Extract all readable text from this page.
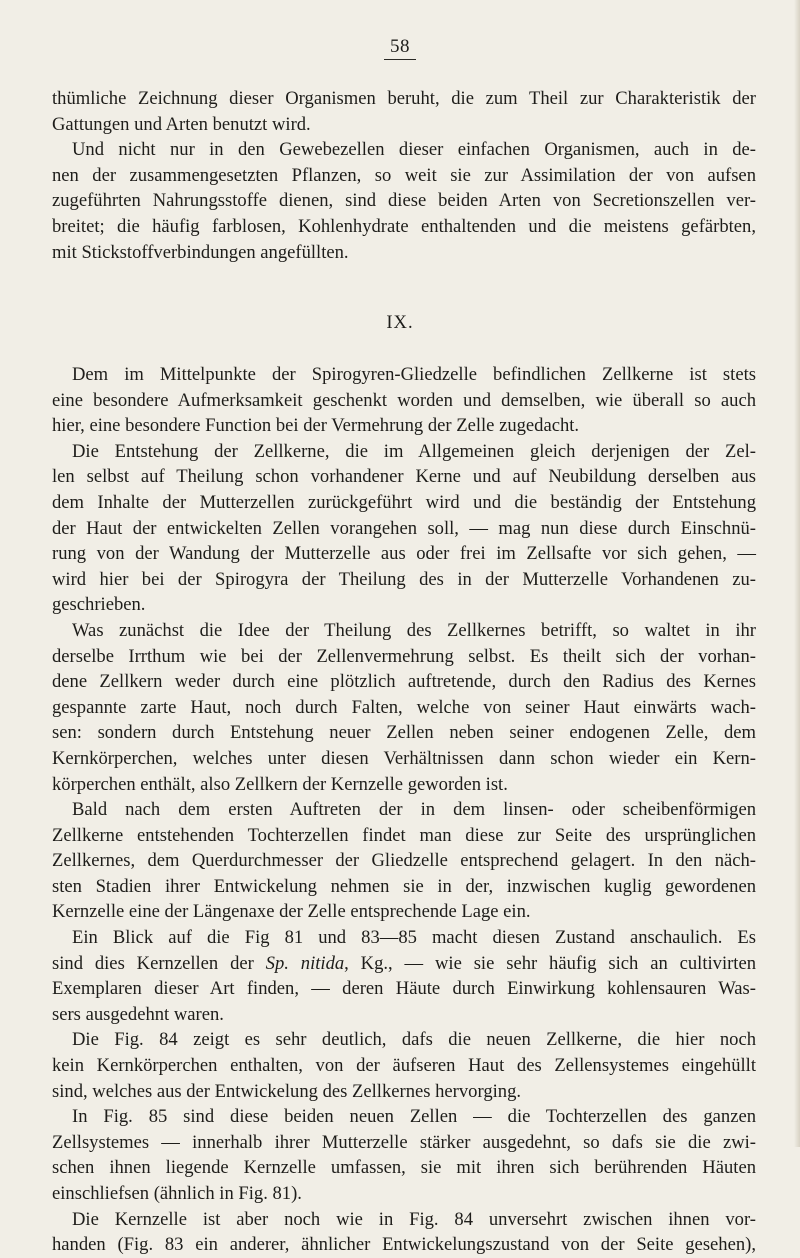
58
thümliche Zeichnung dieser Organismen beruht, die zum Theil zur Charakteristik der
Gattungen und Arten benutzt wird.
Und nicht nur in den Gewebezellen dieser einfachen Organismen, auch in de-
nen der zusammengesetzten Pflanzen, so weit sie zur Assimilation der von aufsen
zugeführten Nahrungsstoffe dienen, sind diese beiden Arten von Secretionszellen ver-
breitet; die häufig farblosen, Kohlenhydrate enthaltenden und die meistens gefärbten,
mit Stickstoffverbindungen angefüllten.
IX.
Dem im Mittelpunkte der Spirogyren-Gliedzelle befindlichen Zellkerne ist stets
eine besondere Aufmerksamkeit geschenkt worden und demselben, wie überall so auch
hier, eine besondere Function bei der Vermehrung der Zelle zugedacht.
Die Entstehung der Zellkerne, die im Allgemeinen gleich derjenigen der Zel-
len selbst auf Theilung schon vorhandener Kerne und auf Neubildung derselben aus
dem Inhalte der Mutterzellen zurückgeführt wird und die beständig der Entstehung
der Haut der entwickelten Zellen vorangehen soll, — mag nun diese durch Einschnü-
rung von der Wandung der Mutterzelle aus oder frei im Zellsafte vor sich gehen, —
wird hier bei der Spirogyra der Theilung des in der Mutterzelle Vorhandenen zu-
geschrieben.
Was zunächst die Idee der Theilung des Zellkernes betrifft, so waltet in ihr
derselbe Irrthum wie bei der Zellenvermehrung selbst. Es theilt sich der vorhan-
dene Zellkern weder durch eine plötzlich auftretende, durch den Radius des Kernes
gespannte zarte Haut, noch durch Falten, welche von seiner Haut einwärts wach-
sen: sondern durch Entstehung neuer Zellen neben seiner endogenen Zelle, dem
Kernkörperchen, welches unter diesen Verhältnissen dann schon wieder ein Kern-
körperchen enthält, also Zellkern der Kernzelle geworden ist.
Bald nach dem ersten Auftreten der in dem linsen- oder scheibenförmigen
Zellkerne entstehenden Tochterzellen findet man diese zur Seite des ursprünglichen
Zellkernes, dem Querdurchmesser der Gliedzelle entsprechend gelagert. In den näch-
sten Stadien ihrer Entwickelung nehmen sie in der, inzwischen kuglig gewordenen
Kernzelle eine der Längenaxe der Zelle entsprechende Lage ein.
Ein Blick auf die Fig 81 und 83—85 macht diesen Zustand anschaulich. Es
sind dies Kernzellen der Sp. nitida, Kg., — wie sie sehr häufig sich an cultivirten
Exemplaren dieser Art finden, — deren Häute durch Einwirkung kohlensauren Was-
sers ausgedehnt waren.
Die Fig. 84 zeigt es sehr deutlich, dafs die neuen Zellkerne, die hier noch
kein Kernkörperchen enthalten, von der äufseren Haut des Zellensystemes eingehüllt
sind, welches aus der Entwickelung des Zellkernes hervorging.
In Fig. 85 sind diese beiden neuen Zellen — die Tochterzellen des ganzen
Zellsystemes — innerhalb ihrer Mutterzelle stärker ausgedehnt, so dafs sie die zwi-
schen ihnen liegende Kernzelle umfassen, sie mit ihren sich berührenden Häuten
einschliefsen (ähnlich in Fig. 81).
Die Kernzelle ist aber noch wie in Fig. 84 unversehrt zwischen ihnen vor-
handen (Fig. 83 ein anderer, ähnlicher Entwickelungszustand von der Seite gesehen),
